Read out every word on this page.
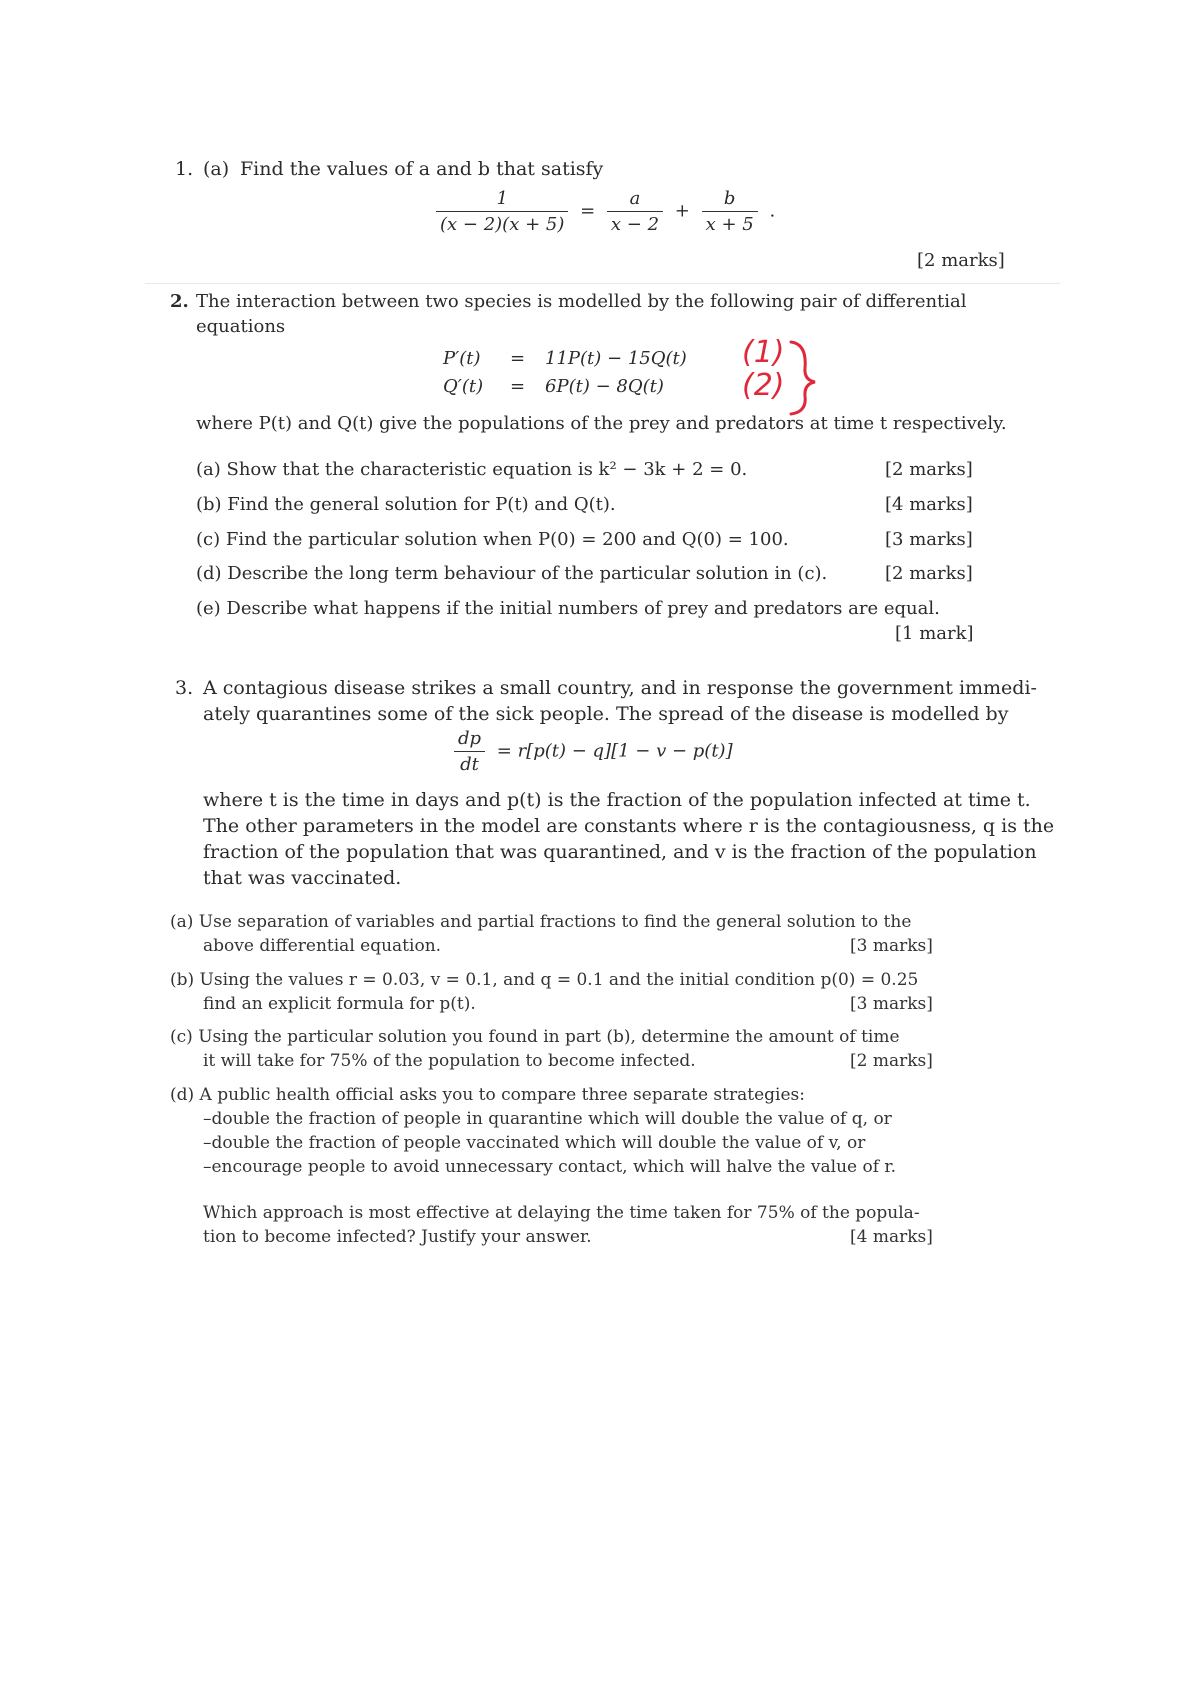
1. (a) Find the values of a and b that satisfy
$\frac{1}{(x - 2)(x + 5)} = \frac{a}{x - 2} + \frac{b}{x + 5}$ .
[2 marks]
2. The interaction between two species is modelled by the following pair of differential
equations
P′(t) = 11P(t) − 15Q(t)
Q′(t) = 6P(t) − 8Q(t)
(1)
(2)
where P(t) and Q(t) give the populations of the prey and predators at time t respectively.
(a) Show that the characteristic equation is k² − 3k + 2 = 0.	[2 marks]
(b) Find the general solution for P(t) and Q(t).	[4 marks]
(c) Find the particular solution when P(0) = 200 and Q(0) = 100.	[3 marks]
(d) Describe the long term behaviour of the particular solution in (c).	[2 marks]
(e) Describe what happens if the initial numbers of prey and predators are equal.
[1 mark]
3. A contagious disease strikes a small country, and in response the government immedi-
ately quarantines some of the sick people. The spread of the disease is modelled by
$\frac{dp}{dt} = r[p(t) - q][1 - v - p(t)]$
where t is the time in days and p(t) is the fraction of the population infected at time t.
The other parameters in the model are constants where r is the contagiousness, q is the
fraction of the population that was quarantined, and v is the fraction of the population
that was vaccinated.
(a) Use separation of variables and partial fractions to find the general solution to the
above differential equation.	[3 marks]
(b) Using the values r = 0.03, v = 0.1, and q = 0.1 and the initial condition p(0) = 0.25
find an explicit formula for p(t).	[3 marks]
(c) Using the particular solution you found in part (b), determine the amount of time
it will take for 75% of the population to become infected.	[2 marks]
(d) A public health official asks you to compare three separate strategies:
–double the fraction of people in quarantine which will double the value of q, or
–double the fraction of people vaccinated which will double the value of v, or
–encourage people to avoid unnecessary contact, which will halve the value of r.
Which approach is most effective at delaying the time taken for 75% of the popula-
tion to become infected? Justify your answer.	[4 marks]
